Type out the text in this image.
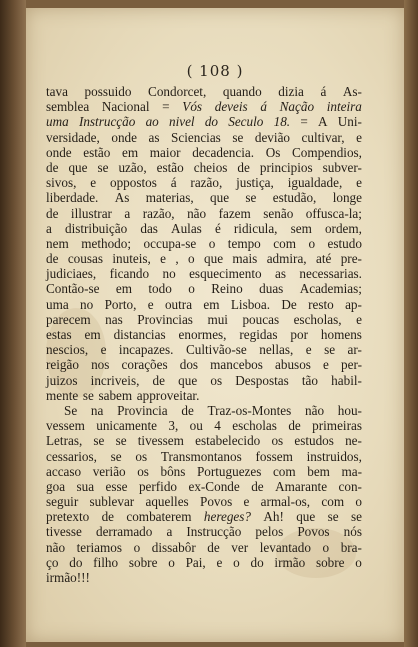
( 108 )
tava possuido Condorcet, quando dizia á As-
semblea Nacional = Vós deveis á Nação inteira
uma Instrucção ao nivel do Seculo 18. = A Uni-
versidade, onde as Sciencias se devião cultivar, e
onde estão em maior decadencia. Os Compendios,
de que se uzão, estão cheios de principios subver-
sivos, e oppostos á razão, justiça, igualdade, e
liberdade. As materias, que se estudão, longe
de illustrar a razão, não fazem senão offusca-la;
a distribuição das Aulas é ridicula, sem ordem,
nem methodo; occupa-se o tempo com o estudo
de cousas inuteis, e , o que mais admira, até pre-
judiciaes, ficando no esquecimento as necessarias.
Contão-se em todo o Reino duas Academias;
uma no Porto, e outra em Lisboa. De resto ap-
parecem nas Provincias mui poucas escholas, e
estas em distancias enormes, regidas por homens
nescios, e incapazes. Cultivão-se nellas, e se ar-
reigão nos corações dos mancebos abusos e per-
juizos incriveis, de que os Despostas tão habil-
mente se sabem approveitar.
Se na Provincia de Traz-os-Montes não hou-
vessem unicamente 3, ou 4 escholas de primeiras
Letras, se se tivessem estabelecido os estudos ne-
cessarios, se os Transmontanos fossem instruidos,
accaso verião os bôns Portuguezes com bem ma-
goa sua esse perfido ex-Conde de Amarante con-
seguir sublevar aquelles Povos e armal-os, com o
pretexto de combaterem hereges? Ah! que se se
tivesse derramado a Instrucção pelos Povos nós
não teriamos o dissabôr de ver levantado o bra-
ço do filho sobre o Pai, e o do irmão sobre o
irmão!!!
